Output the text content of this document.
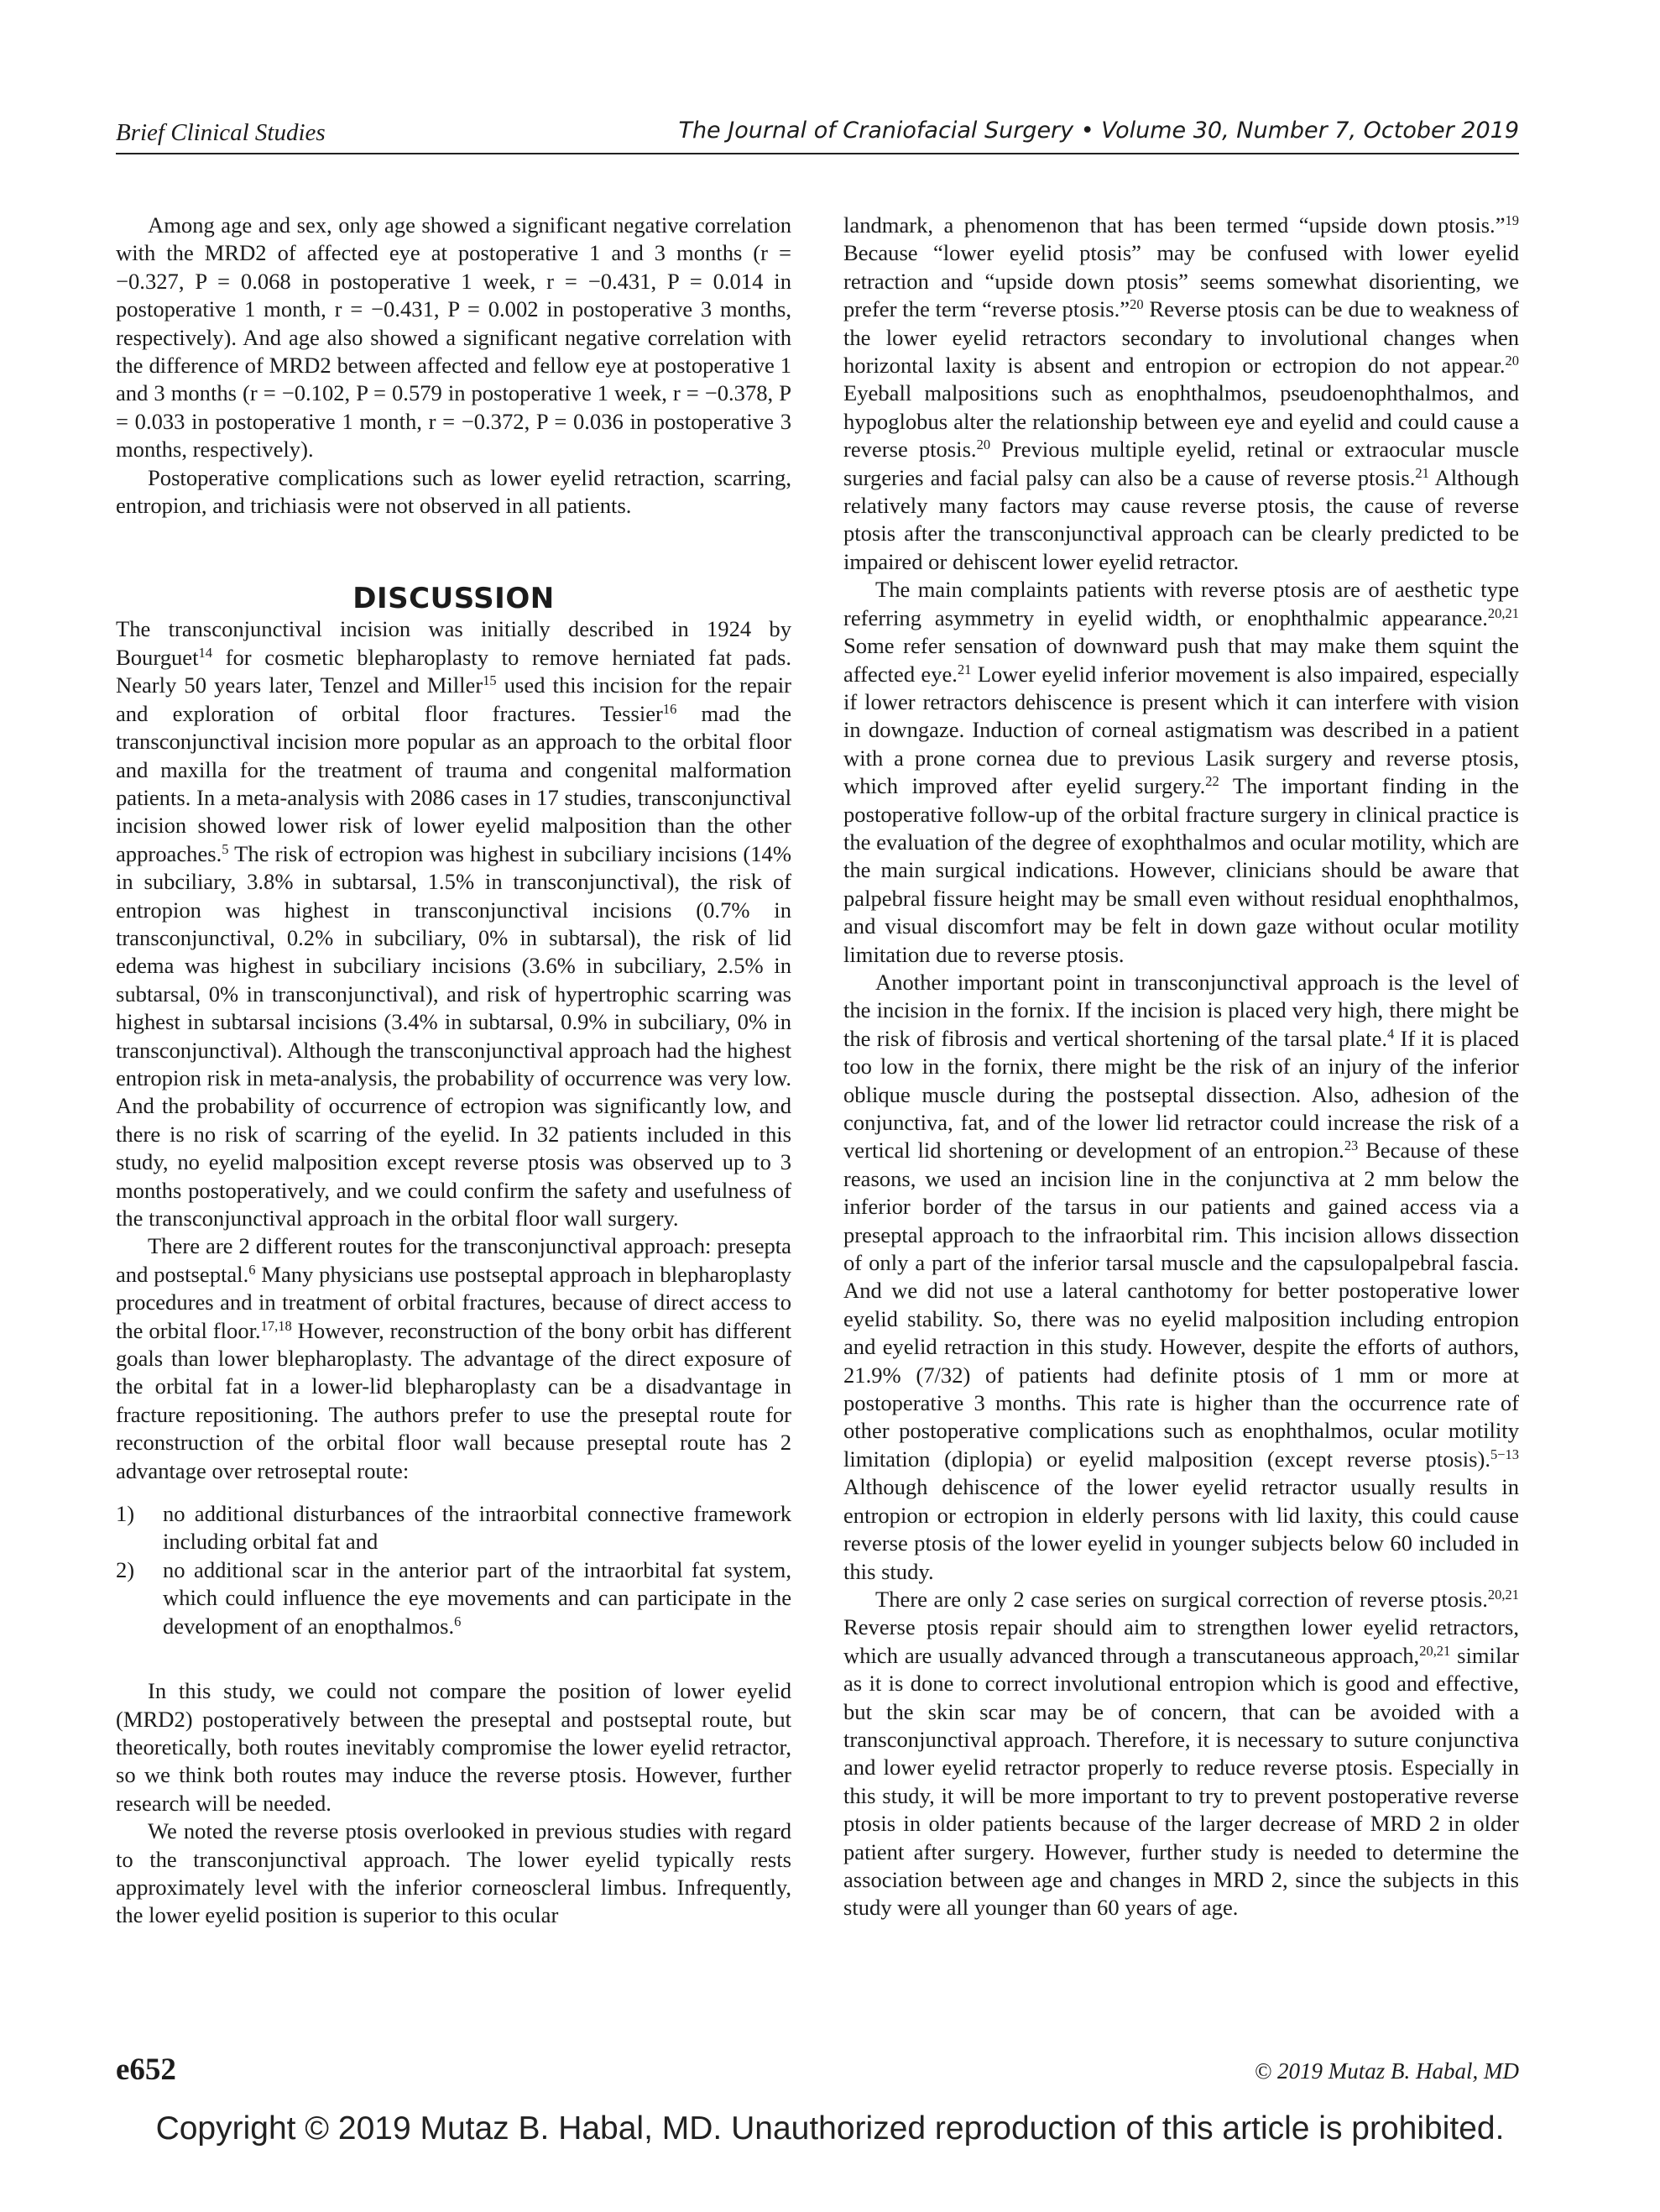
Brief Clinical Studies	The Journal of Craniofacial Surgery • Volume 30, Number 7, October 2019

Among age and sex, only age showed a significant negative correlation with the MRD2 of affected eye at postoperative 1 and 3 months (r = −0.327, P = 0.068 in postoperative 1 week, r = −0.431, P = 0.014 in postoperative 1 month, r = −0.431, P = 0.002 in postoperative 3 months, respectively). And age also showed a significant negative correlation with the difference of MRD2 between affected and fellow eye at postoperative 1 and 3 months (r = −0.102, P = 0.579 in postoperative 1 week, r = −0.378, P = 0.033 in postoperative 1 month, r = −0.372, P = 0.036 in postoperative 3 months, respectively).

Postoperative complications such as lower eyelid retraction, scarring, entropion, and trichiasis were not observed in all patients.

DISCUSSION

The transconjunctival incision was initially described in 1924 by Bourguet$^{14}$ for cosmetic blepharoplasty to remove herniated fat pads. Nearly 50 years later, Tenzel and Miller$^{15}$ used this incision for the repair and exploration of orbital floor fractures. Tessier$^{16}$ mad the transconjunctival incision more popular as an approach to the orbital floor and maxilla for the treatment of trauma and congenital malformation patients. In a meta-analysis with 2086 cases in 17 studies, transconjunctival incision showed lower risk of lower eyelid malposition than the other approaches.$^5$ The risk of ectropion was highest in subciliary incisions (14% in subciliary, 3.8% in subtarsal, 1.5% in transconjunctival), the risk of entropion was highest in transconjunctival incisions (0.7% in transconjunctival, 0.2% in subciliary, 0% in subtarsal), the risk of lid edema was highest in subciliary incisions (3.6% in subciliary, 2.5% in subtarsal, 0% in transconjunctival), and risk of hypertrophic scarring was highest in subtarsal incisions (3.4% in subtarsal, 0.9% in subciliary, 0% in transconjunctival). Although the transconjunctival approach had the highest entropion risk in meta-analysis, the probability of occurrence was very low. And the probability of occurrence of ectropion was significantly low, and there is no risk of scarring of the eyelid. In 32 patients included in this study, no eyelid malposition except reverse ptosis was observed up to 3 months postoperatively, and we could confirm the safety and usefulness of the transconjunctival approach in the orbital floor wall surgery.

There are 2 different routes for the transconjunctival approach: presepta and postseptal.$^6$ Many physicians use postseptal approach in blepharoplasty procedures and in treatment of orbital fractures, because of direct access to the orbital floor.$^{17,18}$ However, reconstruction of the bony orbit has different goals than lower blepharoplasty. The advantage of the direct exposure of the orbital fat in a lower-lid blepharoplasty can be a disadvantage in fracture repositioning. The authors prefer to use the preseptal route for reconstruction of the orbital floor wall because preseptal route has 2 advantage over retroseptal route:

1) no additional disturbances of the intraorbital connective framework including orbital fat and
2) no additional scar in the anterior part of the intraorbital fat system, which could influence the eye movements and can participate in the development of an enopthalmos.$^6$

In this study, we could not compare the position of lower eyelid (MRD2) postoperatively between the preseptal and postseptal route, but theoretically, both routes inevitably compromise the lower eyelid retractor, so we think both routes may induce the reverse ptosis. However, further research will be needed.

We noted the reverse ptosis overlooked in previous studies with regard to the transconjunctival approach. The lower eyelid typically rests approximately level with the inferior corneoscleral limbus. Infrequently, the lower eyelid position is superior to this ocular

landmark, a phenomenon that has been termed “upside down ptosis.”$^{19}$ Because “lower eyelid ptosis” may be confused with lower eyelid retraction and “upside down ptosis” seems somewhat disorienting, we prefer the term “reverse ptosis.”$^{20}$ Reverse ptosis can be due to weakness of the lower eyelid retractors secondary to involutional changes when horizontal laxity is absent and entropion or ectropion do not appear.$^{20}$ Eyeball malpositions such as enophthalmos, pseudoenophthalmos, and hypoglobus alter the relationship between eye and eyelid and could cause a reverse ptosis.$^{20}$ Previous multiple eyelid, retinal or extraocular muscle surgeries and facial palsy can also be a cause of reverse ptosis.$^{21}$ Although relatively many factors may cause reverse ptosis, the cause of reverse ptosis after the transconjunctival approach can be clearly predicted to be impaired or dehiscent lower eyelid retractor.

The main complaints patients with reverse ptosis are of aesthetic type referring asymmetry in eyelid width, or enophthalmic appearance.$^{20,21}$ Some refer sensation of downward push that may make them squint the affected eye.$^{21}$ Lower eyelid inferior movement is also impaired, especially if lower retractors dehiscence is present which it can interfere with vision in downgaze. Induction of corneal astigmatism was described in a patient with a prone cornea due to previous Lasik surgery and reverse ptosis, which improved after eyelid surgery.$^{22}$ The important finding in the postoperative follow-up of the orbital fracture surgery in clinical practice is the evaluation of the degree of exophthalmos and ocular motility, which are the main surgical indications. However, clinicians should be aware that palpebral fissure height may be small even without residual enophthalmos, and visual discomfort may be felt in down gaze without ocular motility limitation due to reverse ptosis.

Another important point in transconjunctival approach is the level of the incision in the fornix. If the incision is placed very high, there might be the risk of fibrosis and vertical shortening of the tarsal plate.$^4$ If it is placed too low in the fornix, there might be the risk of an injury of the inferior oblique muscle during the postseptal dissection. Also, adhesion of the conjunctiva, fat, and of the lower lid retractor could increase the risk of a vertical lid shortening or development of an entropion.$^{23}$ Because of these reasons, we used an incision line in the conjunctiva at 2 mm below the inferior border of the tarsus in our patients and gained access via a preseptal approach to the infraorbital rim. This incision allows dissection of only a part of the inferior tarsal muscle and the capsulopalpebral fascia. And we did not use a lateral canthotomy for better postoperative lower eyelid stability. So, there was no eyelid malposition including entropion and eyelid retraction in this study. However, despite the efforts of authors, 21.9% (7/32) of patients had definite ptosis of 1 mm or more at postoperative 3 months. This rate is higher than the occurrence rate of other postoperative complications such as enophthalmos, ocular motility limitation (diplopia) or eyelid malposition (except reverse ptosis).$^{5-13}$ Although dehiscence of the lower eyelid retractor usually results in entropion or ectropion in elderly persons with lid laxity, this could cause reverse ptosis of the lower eyelid in younger subjects below 60 included in this study.

There are only 2 case series on surgical correction of reverse ptosis.$^{20,21}$ Reverse ptosis repair should aim to strengthen lower eyelid retractors, which are usually advanced through a transcutaneous approach,$^{20,21}$ similar as it is done to correct involutional entropion which is good and effective, but the skin scar may be of concern, that can be avoided with a transconjunctival approach. Therefore, it is necessary to suture conjunctiva and lower eyelid retractor properly to reduce reverse ptosis. Especially in this study, it will be more important to try to prevent postoperative reverse ptosis in older patients because of the larger decrease of MRD 2 in older patient after surgery. However, further study is needed to determine the association between age and changes in MRD 2, since the subjects in this study were all younger than 60 years of age.

e652	© 2019 Mutaz B. Habal, MD
Copyright © 2019 Mutaz B. Habal, MD. Unauthorized reproduction of this article is prohibited.
